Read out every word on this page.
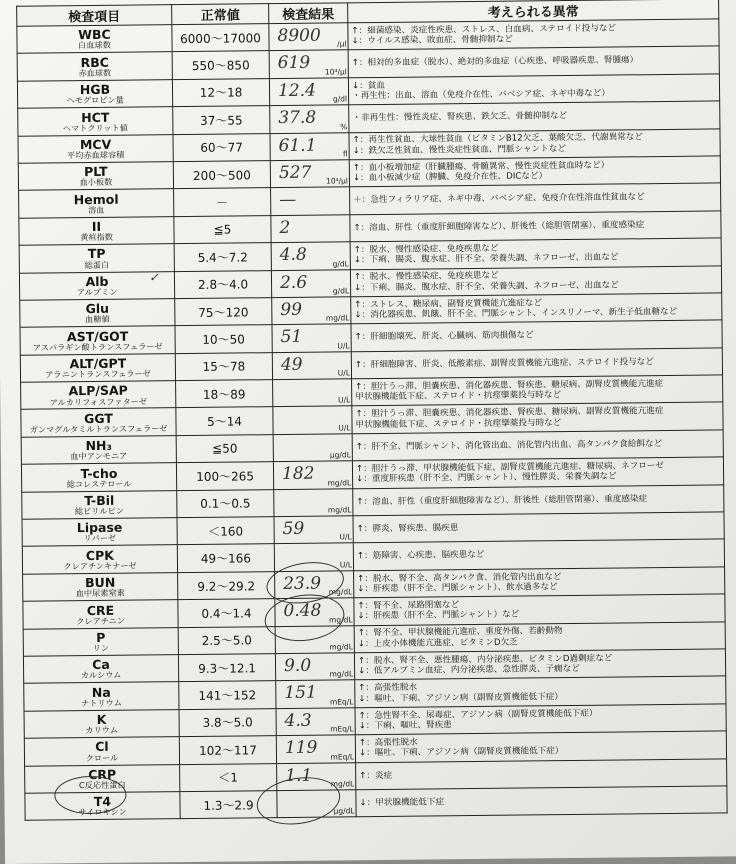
検査項目	正常値	検査結果	考えられる異常

WBC
白血球数	6000～17000	8900 /μl	↑：細菌感染、炎症性疾患、ストレス、白血病、ステロイド投与など
↓：ウイルス感染、敗血症、骨髄抑制など

RBC
赤血球数	550～850	619 10⁴/μl	↑：相対的多血症（脱水）、絶対的多血症（心疾患、呼吸器疾患、腎腫瘍）

HGB
ヘモグロビン量	12～18	12.4 g/dl	↓：貧血
・再生性：出血、溶血（免疫介在性、バベシア症、ネギ中毒など）

HCT
ヘマトクリット値	37～55	37.8 %	・非再生性：慢性炎症、腎疾患、鉄欠乏、骨髄抑制など

MCV
平均赤血球容積	60～77	61.1 fl	↑：再生性貧血、大球性貧血（ビタミンB12欠乏、葉酸欠乏、代謝異常など
↓：鉄欠乏性貧血、慢性炎症性貧血、門脈シャントなど

PLT
血小板数	200～500	527 10⁴/μl	↑：血小板増加症（肝臓腫瘍、骨髄異常、慢性炎症性貧血時など）
↓：血小板減少症（脾臓、免疫介在性、DICなど）

Hemol
溶血	－	—	＋：急性フィラリア症、ネギ中毒、バベシア症、免疫介在性溶血性貧血など

II
黄疸指数	≦5	2	↑：溶血、肝性（重度肝細胞障害など）、肝後性（総胆管閉塞）、重度感染症

TP
総蛋白	5.4～7.2	4.8 g/dL	↑：脱水、慢性感染症、免疫疾患など
↓：下痢、腸炎、腹水症、肝不全、栄養失調、ネフローゼ、出血など

Alb
アルブミン	2.8～4.0	2.6 g/dL	↑：脱水、慢性感染症、免疫疾患など
↓：下痢、腸炎、腹水症、肝不全、栄養失調、ネフローゼ、出血など

Glu
血糖値	75～120	99 mg/dL	↑：ストレス、糖尿病、副腎皮質機能亢進症など
↓：消化器疾患、飢餓、肝不全、門脈シャント、インスリノーマ、新生子低血糖など

AST/GOT
アスパラギン酸トランスフェラーゼ	10～50	51 U/L	↑：肝細胞壊死、肝炎、心臓病、筋肉損傷など

ALT/GPT
アラニントランスフェラーゼ	15～78	49 U/L	↑：肝細胞障害、肝炎、低酸素症、副腎皮質機能亢進症、ステロイド投与など

ALP/SAP
アルカリフォスファターゼ	18～89	U/L	↑：胆汁うっ滞、胆嚢疾患、消化器疾患、腎疾患、糖尿病、副腎皮質機能亢進症
甲状腺機能低下症、ステロイド・抗痙攣薬投与時など

GGT
ガンマグルタミルトランスフェラーゼ	5～14	U/L	↑：胆汁うっ滞、胆嚢疾患、消化器疾患、腎疾患、糖尿病、副腎皮質機能亢進症
甲状腺機能低下症、ステロイド・抗痙攣薬投与時など

NH₃
血中アンモニア	≦50	μg/dL	↑：肝不全、門脈シャント、消化管出血、消化管内出血、高タンパク食給餌など

T-cho
総コレステロール	100～265	182 mg/dL	↑：胆汁うっ滞、甲状腺機能低下症、副腎皮質機能亢進症、糖尿病、ネフローゼ
↓：重度肝疾患（肝不全、門脈シャント）、慢性膵炎、栄養失調など

T-Bil
総ビリルビン	0.1～0.5	mg/dL	↑：溶血、肝性（重度肝細胞障害など）、肝後性（総胆管閉塞）、重度感染症

Lipase
リパーゼ	＜160	59 U/L	↑：膵炎、腎疾患、腸疾患

CPK
クレアチンキナーゼ	49～166	U/L	↑：筋障害、心疾患、脳疾患など

BUN
血中尿素窒素	9.2～29.2	23.9 mg/dL	↑：脱水、腎不全、高タンパク食、消化管内出血など
↓：肝疾患（肝不全、門脈シャント）、飲水過多など

CRE
クレアチニン	0.4～1.4	0.48 mg/dL	↑：腎不全、尿路閉塞など
↓：肝疾患（肝不全、門脈シャント）など

P
リン	2.5～5.0	mg/dL	↑：腎不全、甲状腺機能亢進症、重度外傷、若齢動物
↓：上皮小体機能亢進症、ビタミンD欠乏

Ca
カルシウム	9.3～12.1	9.0 mg/dL	↑：脱水、腎不全、悪性腫瘍、内分泌疾患、ビタミンD過剰症など
↓：低アルブミン血症、内分泌疾患、急性膵炎、子癇など

Na
ナトリウム	141～152	151 mEq/L	↑：高張性脱水
↓：嘔吐、下痢、アジソン病（副腎皮質機能低下症）

K
カリウム	3.8～5.0	4.3 mEq/L	↑：急性腎不全、尿毒症、アジソン病（副腎皮質機能低下症）
↓：下痢、嘔吐、腎疾患

Cl
クロール	102～117	119 mEq/L	↑：高張性脱水
↓：嘔吐、下痢、アジソン病（副腎皮質機能低下症）

CRP
C反応性蛋白	＜1	1.1 mg/dL	↑：炎症

T4
サイロキシン	1.3～2.9	μg/dL	↓：甲状腺機能低下症
✓
